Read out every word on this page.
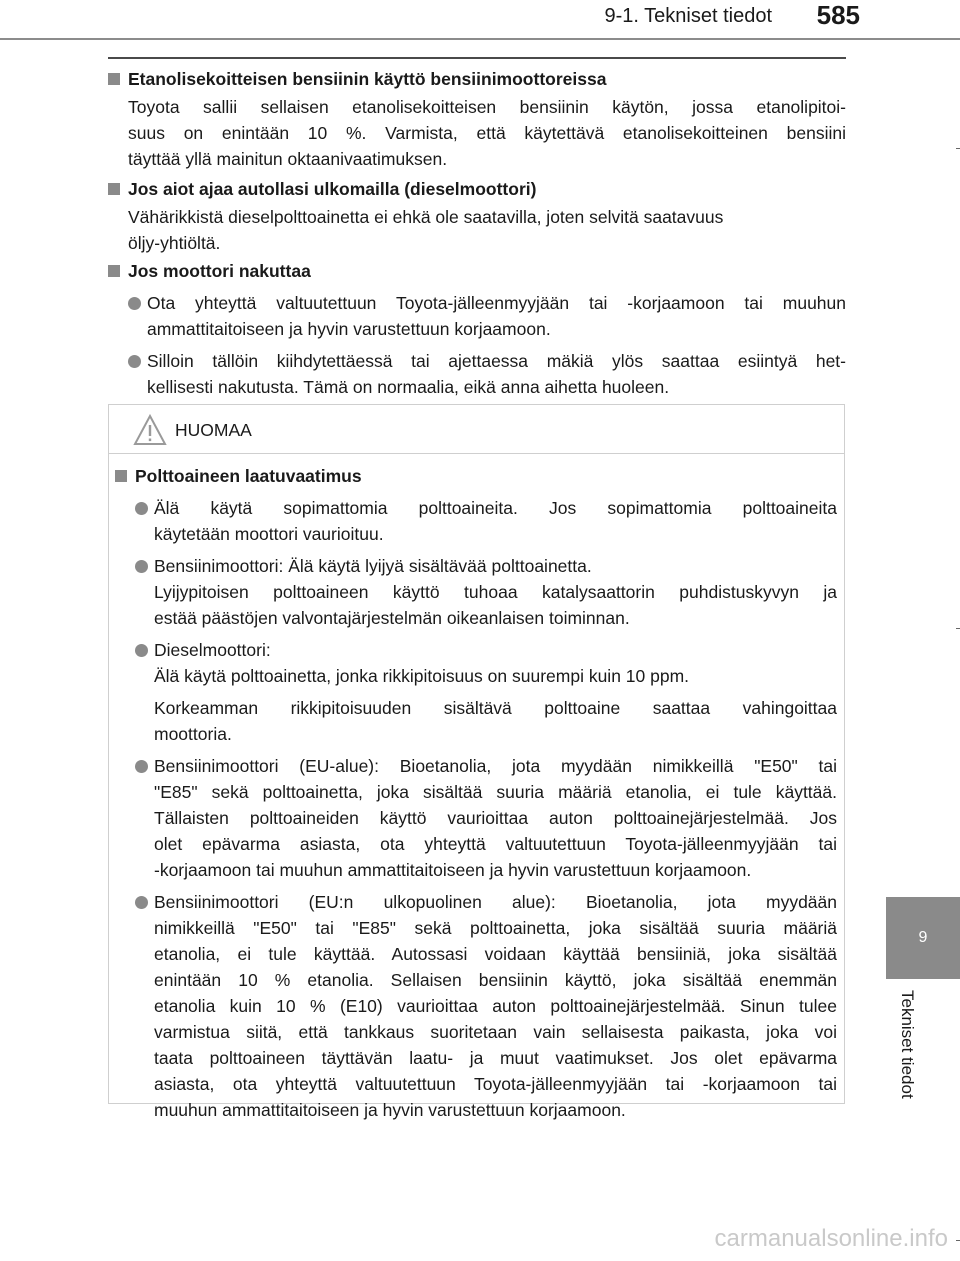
9-1. Tekniset tiedot 585
9
Tekniset tiedot
Etanolisekoitteisen bensiinin käyttö bensiinimoottoreissa
Toyota sallii sellaisen etanolisekoitteisen bensiinin käytön, jossa etanolipitoi-
suus on enintään 10 %. Varmista, että käytettävä etanolisekoitteinen bensiini
täyttää yllä mainitun oktaanivaatimuksen.
Jos aiot ajaa autollasi ulkomailla (dieselmoottori)
Vähärikkistä dieselpolttoainetta ei ehkä ole saatavilla, joten selvitä saatavuus
öljy-yhtiöltä.
Jos moottori nakuttaa
Ota yhteyttä valtuutettuun Toyota-jälleenmyyjään tai -korjaamoon tai muuhun
ammattitaitoiseen ja hyvin varustettuun korjaamoon.
Silloin tällöin kiihdytettäessä tai ajettaessa mäkiä ylös saattaa esiintyä het-
kellisesti nakutusta. Tämä on normaalia, eikä anna aihetta huoleen.
HUOMAA
Polttoaineen laatuvaatimus
Älä käytä sopimattomia polttoaineita. Jos sopimattomia polttoaineita
käytetään moottori vaurioituu.
Bensiinimoottori: Älä käytä lyijyä sisältävää polttoainetta.
Lyijypitoisen polttoaineen käyttö tuhoaa katalysaattorin puhdistuskyvyn ja
estää päästöjen valvontajärjestelmän oikeanlaisen toiminnan.
Dieselmoottori:
Älä käytä polttoainetta, jonka rikkipitoisuus on suurempi kuin 10 ppm.
Korkeamman rikkipitoisuuden sisältävä polttoaine saattaa vahingoittaa
moottoria.
Bensiinimoottori (EU-alue): Bioetanolia, jota myydään nimikkeillä "E50" tai
"E85" sekä polttoainetta, joka sisältää suuria määriä etanolia, ei tule käyttää.
Tällaisten polttoaineiden käyttö vaurioittaa auton polttoainejärjestelmää. Jos
olet epävarma asiasta, ota yhteyttä valtuutettuun Toyota-jälleenmyyjään tai
-korjaamoon tai muuhun ammattitaitoiseen ja hyvin varustettuun korjaamoon.
Bensiinimoottori (EU:n ulkopuolinen alue): Bioetanolia, jota myydään
nimikkeillä "E50" tai "E85" sekä polttoainetta, joka sisältää suuria määriä
etanolia, ei tule käyttää. Autossasi voidaan käyttää bensiiniä, joka sisältää
enintään 10 % etanolia. Sellaisen bensiinin käyttö, joka sisältää enemmän
etanolia kuin 10 % (E10) vaurioittaa auton polttoainejärjestelmää. Sinun tulee
varmistua siitä, että tankkaus suoritetaan vain sellaisesta paikasta, joka voi
taata polttoaineen täyttävän laatu- ja muut vaatimukset. Jos olet epävarma
asiasta, ota yhteyttä valtuutettuun Toyota-jälleenmyyjään tai -korjaamoon tai
muuhun ammattitaitoiseen ja hyvin varustettuun korjaamoon.
carmanualsonline.info
